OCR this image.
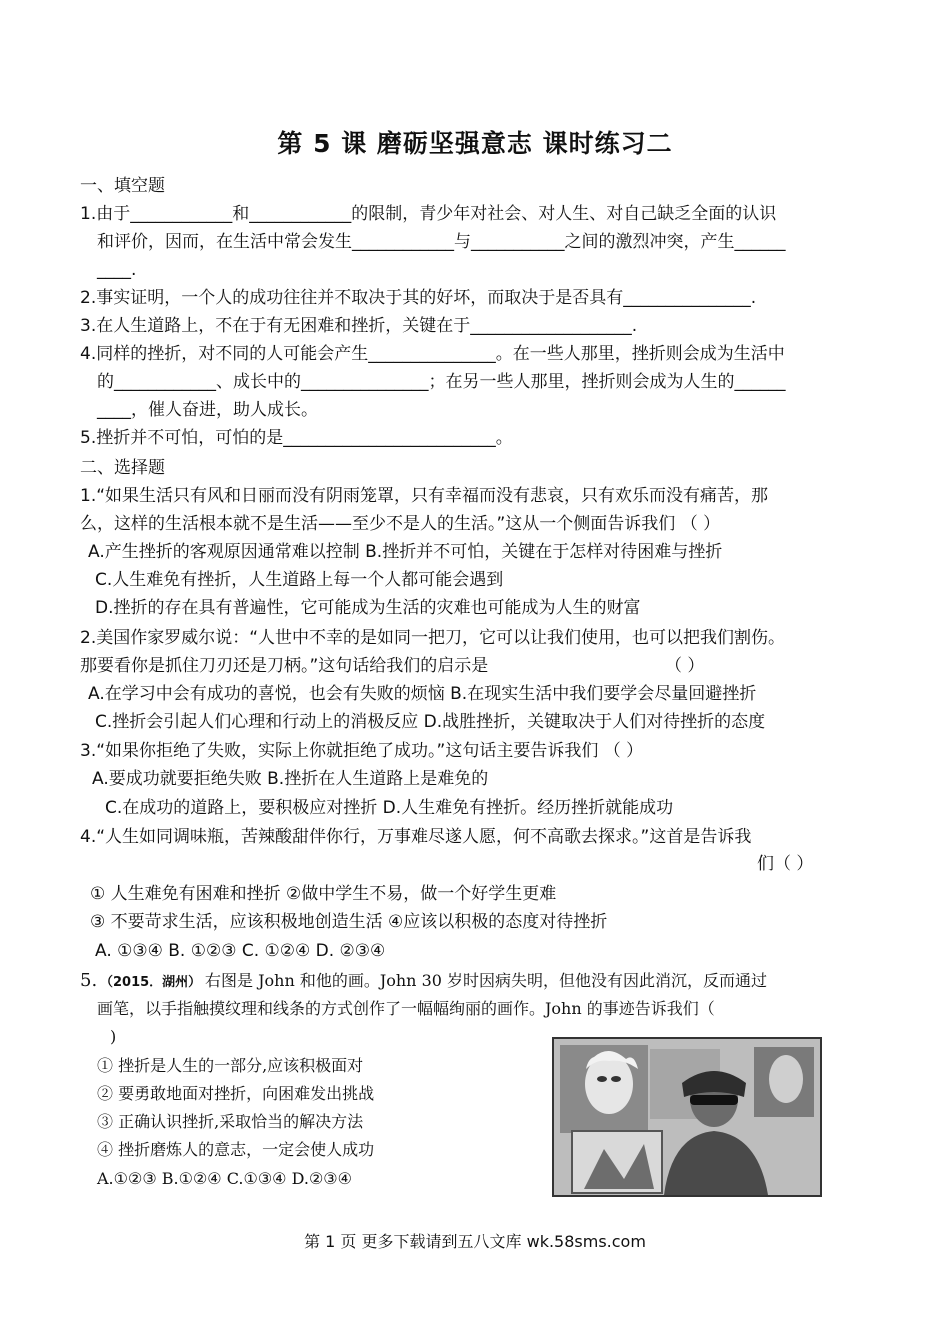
第 5 课 磨砺坚强意志 课时练习二
一、填空题
1.由于____________和____________的限制，青少年对社会、对人生、对自己缺乏全面的认识
和评价，因而，在生活中常会发生____________与___________之间的激烈冲突，产生______
____.
2.事实证明，一个人的成功往往并不取决于其的好坏，而取决于是否具有_______________.
3.在人生道路上，不在于有无困难和挫折，关键在于___________________.
4.同样的挫折，对不同的人可能会产生_______________。在一些人那里，挫折则会成为生活中
的____________、成长中的_______________；在另一些人那里，挫折则会成为人生的______
____，催人奋进，助人成长。
5.挫折并不可怕，可怕的是_________________________。
二、选择题
1.“如果生活只有风和日丽而没有阴雨笼罩，只有幸福而没有悲哀，只有欢乐而没有痛苦，那
么，这样的生活根本就不是生活——至少不是人的生活。”这从一个侧面告诉我们 （ ）
A.产生挫折的客观原因通常难以控制 B.挫折并不可怕，关键在于怎样对待困难与挫折
C.人生难免有挫折，人生道路上每一个人都可能会遇到
D.挫折的存在具有普遍性，它可能成为生活的灾难也可能成为人生的财富
2.美国作家罗威尔说：“人世中不幸的是如同一把刀，它可以让我们使用，也可以把我们割伤。
那要看你是抓住刀刃还是刀柄。”这句话给我们的启示是	（ ）
A.在学习中会有成功的喜悦，也会有失败的烦恼 B.在现实生活中我们要学会尽量回避挫折
C.挫折会引起人们心理和行动上的消极反应 D.战胜挫折，关键取决于人们对待挫折的态度
3.“如果你拒绝了失败，实际上你就拒绝了成功。”这句话主要告诉我们 （ ）
A.要成功就要拒绝失败 B.挫折在人生道路上是难免的
C.在成功的道路上，要积极应对挫折 D.人生难免有挫折。经历挫折就能成功
4.“人生如同调味瓶，苦辣酸甜伴你行，万事难尽遂人愿，何不高歌去探求。”这首是告诉我
们（ ）
① 人生难免有困难和挫折 ②做中学生不易，做一个好学生更难
③ 不要苛求生活，应该积极地创造生活 ④应该以积极的态度对待挫折
A. ①③④ B. ①②③ C. ①②④ D. ②③④
5. （2015．湖州） 右图是 John 和他的画。John 30 岁时因病失明，但他没有因此消沉，反而通过
画笔，以手指触摸纹理和线条的方式创作了一幅幅绚丽的画作。John 的事迹告诉我们（
)
① 挫折是人生的一部分,应该积极面对
② 要勇敢地面对挫折，向困难发出挑战
③ 正确认识挫折,采取恰当的解决方法
④ 挫折磨炼人的意志，一定会使人成功
A.①②③ B.①②④ C.①③④ D.②③④
第 1 页 更多下载请到五八文库 wk.58sms.com
